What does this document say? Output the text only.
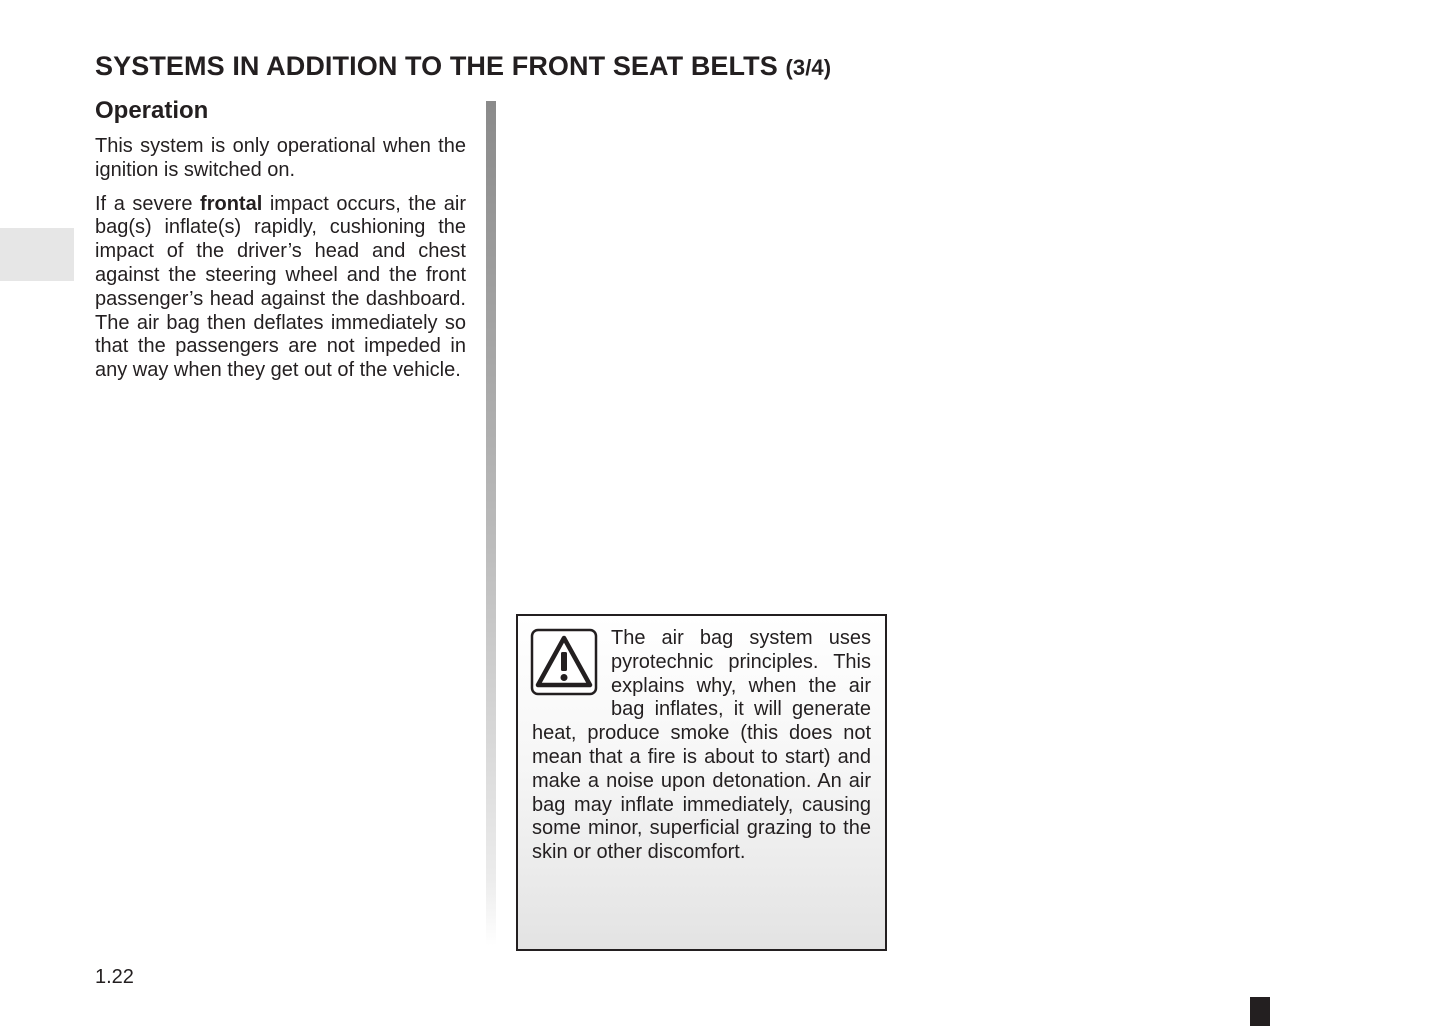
SYSTEMS IN ADDITION TO THE FRONT SEAT BELTS (3/4)
Operation

This system is only operational when the ignition is switched on.

If a severe frontal impact occurs, the air bag(s) inflate(s) rapidly, cushioning the impact of the driver’s head and chest against the steering wheel and the front passenger’s head against the dashboard. The air bag then deflates immediately so that the passengers are not impeded in any way when they get out of the vehicle.

The air bag system uses pyrotechnic principles. This explains why, when the air bag inflates, it will generate heat, produce smoke (this does not mean that a fire is about to start) and make a noise upon detonation. An air bag may inflate immediately, causing some minor, superficial grazing to the skin or other discomfort.

1.22
